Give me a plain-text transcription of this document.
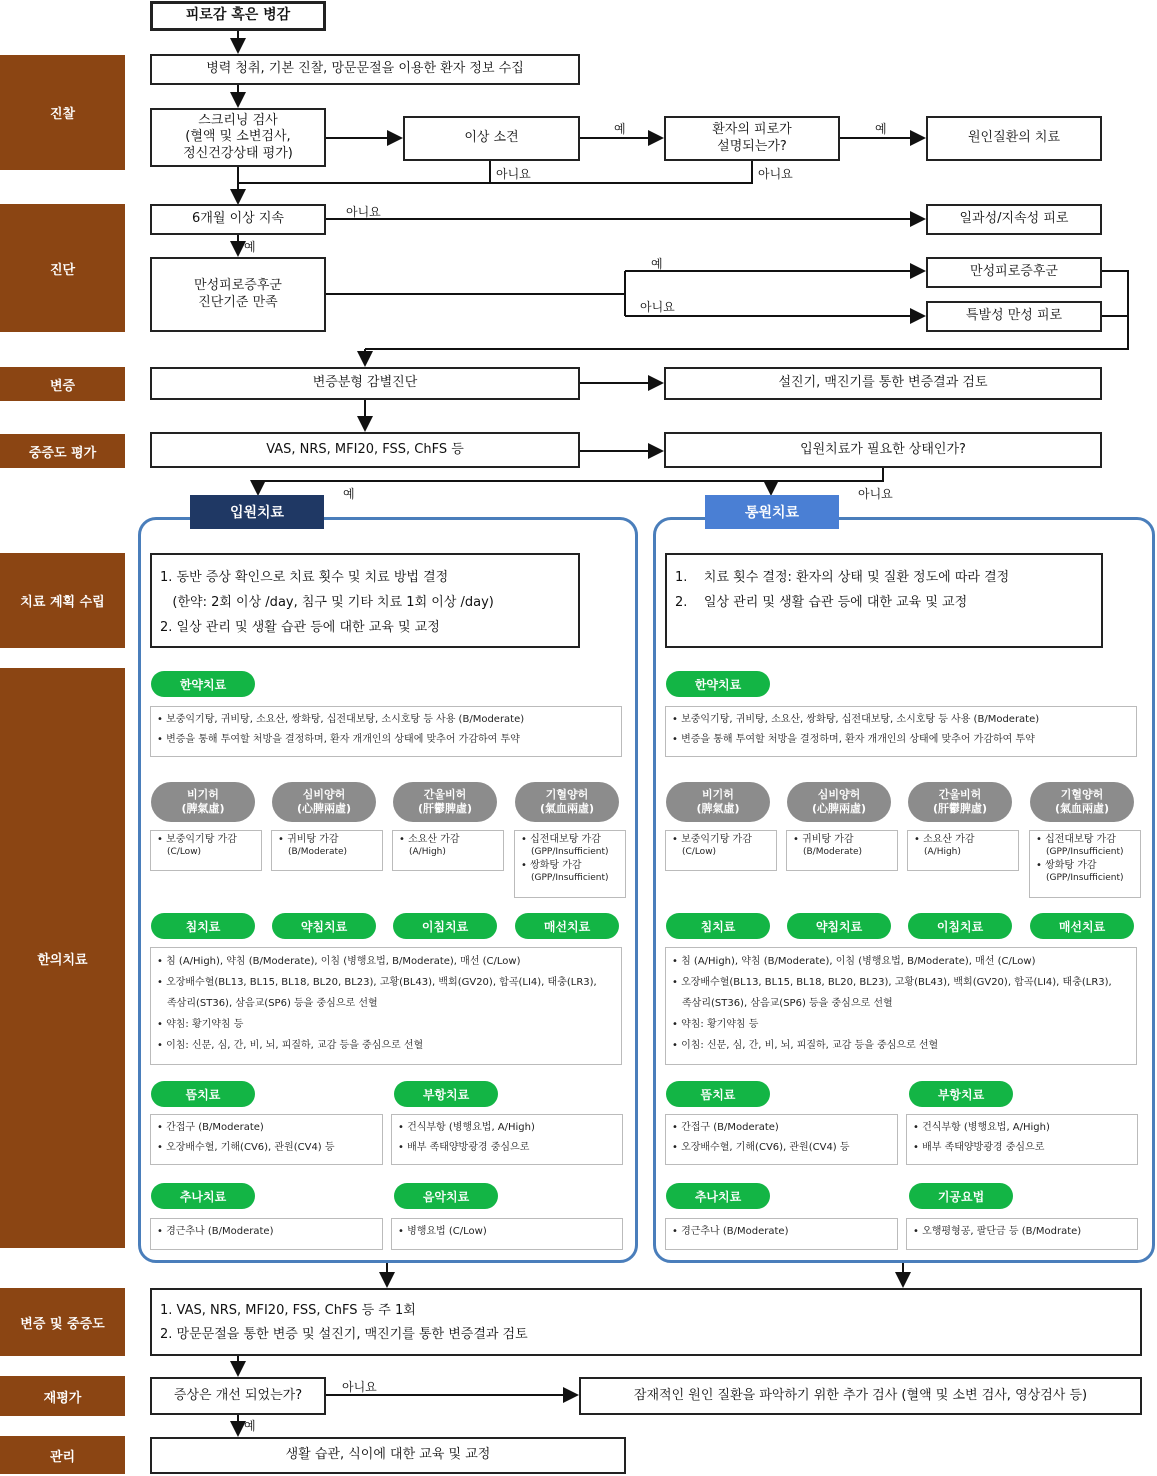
진찰
진단
변증
중증도 평가
치료 계획 수립
한의치료
변증 및 중증도
재평가
관리
피로감 혹은 병감
병력 청취, 기본 진찰, 망문문절을 이용한 환자 정보 수집
스크리닝 검사
(혈액 및 소변검사,
정신건강상태 평가)
이상 소견
환자의 피로가
설명되는가?
원인질환의 치료
6개월 이상 지속	일과성/지속성 피로
만성피로증후군
진단기준 만족
만성피로증후군
특발성 만성 피로
변증분형 감별진단	설진기, 맥진기를 통한 변증결과 검토
VAS, NRS, MFI20, FSS, ChFS 등	입원치료가 필요한 상태인가?
예	예
아니요	아니요
아니요
예
예
아니요
예	아니요
아니요
예
입원치료	통원치료
1. 동반 증상 확인으로 치료 횟수 및 치료 방법 결정
(한약: 2회 이상 /day, 침구 및 기타 치료 1회 이상 /day)
2. 일상 관리 및 생활 습관 등에 대한 교육 및 교정
한약치료
• 보중익기탕, 귀비탕, 소요산, 쌍화탕, 십전대보탕, 소시호탕 등 사용 (B/Moderate)
• 변증을 통해 투여할 처방을 결정하며, 환자 개개인의 상태에 맞추어 가감하여 투약
비기허
(脾氣虛)
• 보중익기탕 가감
(C/Low)
심비양허
(心脾兩虛)
• 귀비탕 가감
(B/Moderate)
간울비허
(肝鬱脾虛)
• 소요산 가감
(A/High)
기혈양허
(氣血兩虛)
• 십전대보탕 가감
(GPP/Insufficient)
• 쌍화탕 가감
(GPP/Insufficient)
침치료	약침치료	이침치료	매선치료
• 침 (A/High), 약침 (B/Moderate), 이침 (병행요법, B/Moderate), 매선 (C/Low)
• 오장배수혈(BL13, BL15, BL18, BL20, BL23), 고황(BL43), 백회(GV20), 합곡(LI4), 태충(LR3),
족삼리(ST36), 삼음교(SP6) 등을 중심으로 선혈
• 약침: 황기약침 등
• 이침: 신문, 심, 간, 비, 뇌, 피질하, 교감 등을 중심으로 선혈
뜸치료	부항치료
• 간접구 (B/Moderate)
• 오장배수혈, 기해(CV6), 관원(CV4) 등
• 건식부항 (병행요법, A/High)
• 배부 족태양방광경 중심으로
추나치료	음악치료
• 경근추나 (B/Moderate)	• 병행요법 (C/Low)
1.    치료 횟수 결정: 환자의 상태 및 질환 정도에 따라 결정
2.    일상 관리 및 생활 습관 등에 대한 교육 및 교정
한약치료
• 보중익기탕, 귀비탕, 소요산, 쌍화탕, 십전대보탕, 소시호탕 등 사용 (B/Moderate)
• 변증을 통해 투여할 처방을 결정하며, 환자 개개인의 상태에 맞추어 가감하여 투약
비기허
(脾氣虛)
• 보중익기탕 가감
(C/Low)
심비양허
(心脾兩虛)
• 귀비탕 가감
(B/Moderate)
간울비허
(肝鬱脾虛)
• 소요산 가감
(A/High)
기혈양허
(氣血兩虛)
• 십전대보탕 가감
(GPP/Insufficient)
• 쌍화탕 가감
(GPP/Insufficient)
침치료	약침치료	이침치료	매선치료
• 침 (A/High), 약침 (B/Moderate), 이침 (병행요법, B/Moderate), 매선 (C/Low)
• 오장배수혈(BL13, BL15, BL18, BL20, BL23), 고황(BL43), 백회(GV20), 합곡(LI4), 태충(LR3),
족삼리(ST36), 삼음교(SP6) 등을 중심으로 선혈
• 약침: 황기약침 등
• 이침: 신문, 심, 간, 비, 뇌, 피질하, 교감 등을 중심으로 선혈
뜸치료	부항치료
• 간접구 (B/Moderate)
• 오장배수혈, 기해(CV6), 관원(CV4) 등
• 건식부항 (병행요법, A/High)
• 배부 족태양방광경 중심으로
추나치료	기공요법
• 경근추나 (B/Moderate)	• 오행평형공, 팔단금 등 (B/Modrate)
1. VAS, NRS, MFI20, FSS, ChFS 등 주 1회
2. 망문문절을 통한 변증 및 설진기, 맥진기를 통한 변증결과 검토
증상은 개선 되었는가?	잠재적인 원인 질환을 파악하기 위한 추가 검사 (혈액 및 소변 검사, 영상검사 등)
생활 습관, 식이에 대한 교육 및 교정
